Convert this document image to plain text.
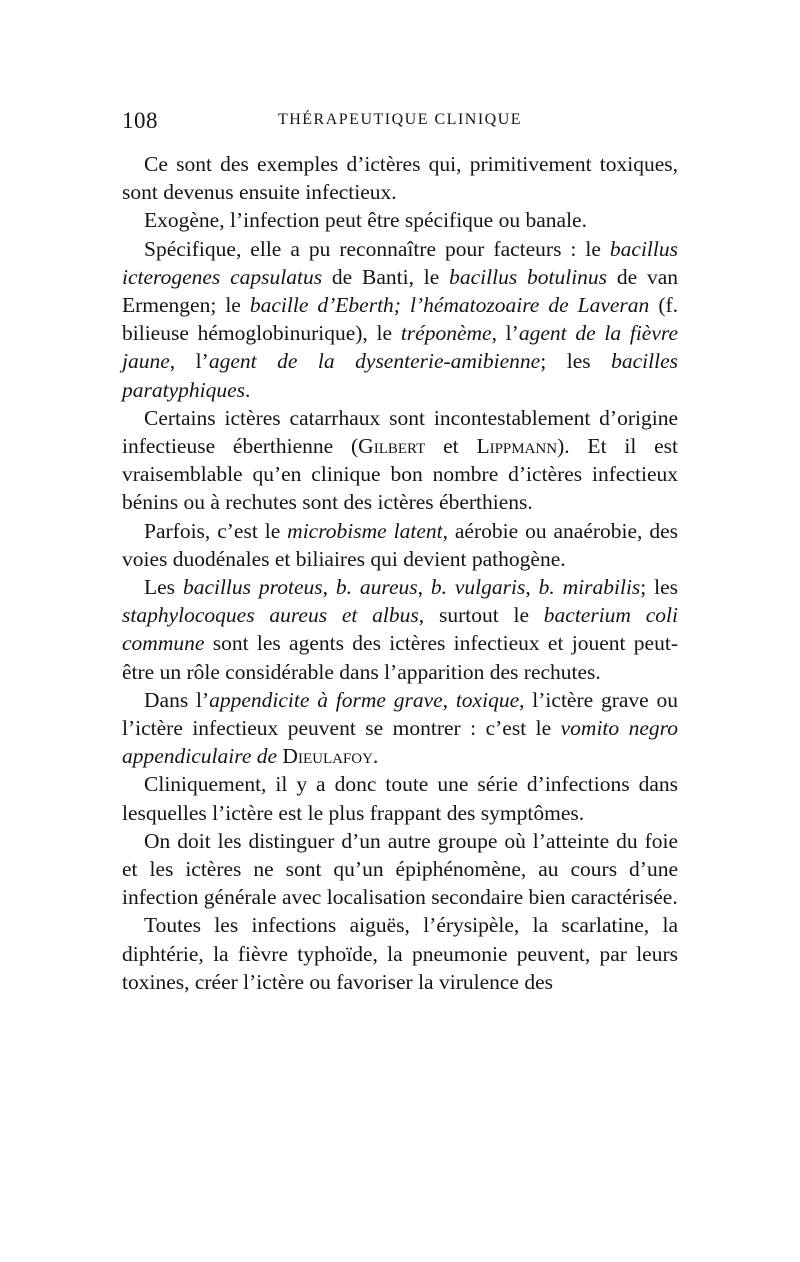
108	THÉRAPEUTIQUE CLINIQUE

Ce sont des exemples d’ictères qui, primitivement toxiques, sont devenus ensuite infectieux.

Exogène, l’infection peut être spécifique ou banale.

Spécifique, elle a pu reconnaître pour facteurs : le bacillus icterogenes capsulatus de Banti, le bacillus botulinus de van Ermengen; le bacille d’Eberth; l’hématozoaire de Laveran (f. bilieuse hémoglobinurique), le tréponème, l’agent de la fièvre jaune, l’agent de la dysenterie-amibienne; les bacilles paratyphiques.

Certains ictères catarrhaux sont incontestablement d’origine infectieuse éberthienne (Gilbert et Lippmann). Et il est vraisemblable qu’en clinique bon nombre d’ictères infectieux bénins ou à rechutes sont des ictères éberthiens.

Parfois, c’est le microbisme latent, aérobie ou anaérobie, des voies duodénales et biliaires qui devient pathogène.

Les bacillus proteus, b. aureus, b. vulgaris, b. mirabilis; les staphylocoques aureus et albus, surtout le bacterium coli commune sont les agents des ictères infectieux et jouent peut-être un rôle considérable dans l’apparition des rechutes.

Dans l’appendicite à forme grave, toxique, l’ictère grave ou l’ictère infectieux peuvent se montrer : c’est le vomito negro appendiculaire de Dieulafoy.

Cliniquement, il y a donc toute une série d’infections dans lesquelles l’ictère est le plus frappant des symptômes.

On doit les distinguer d’un autre groupe où l’atteinte du foie et les ictères ne sont qu’un épiphénomène, au cours d’une infection générale avec localisation secondaire bien caractérisée.

Toutes les infections aiguës, l’érysipèle, la scarlatine, la diphtérie, la fièvre typhoïde, la pneumonie peuvent, par leurs toxines, créer l’ictère ou favoriser la virulence des
